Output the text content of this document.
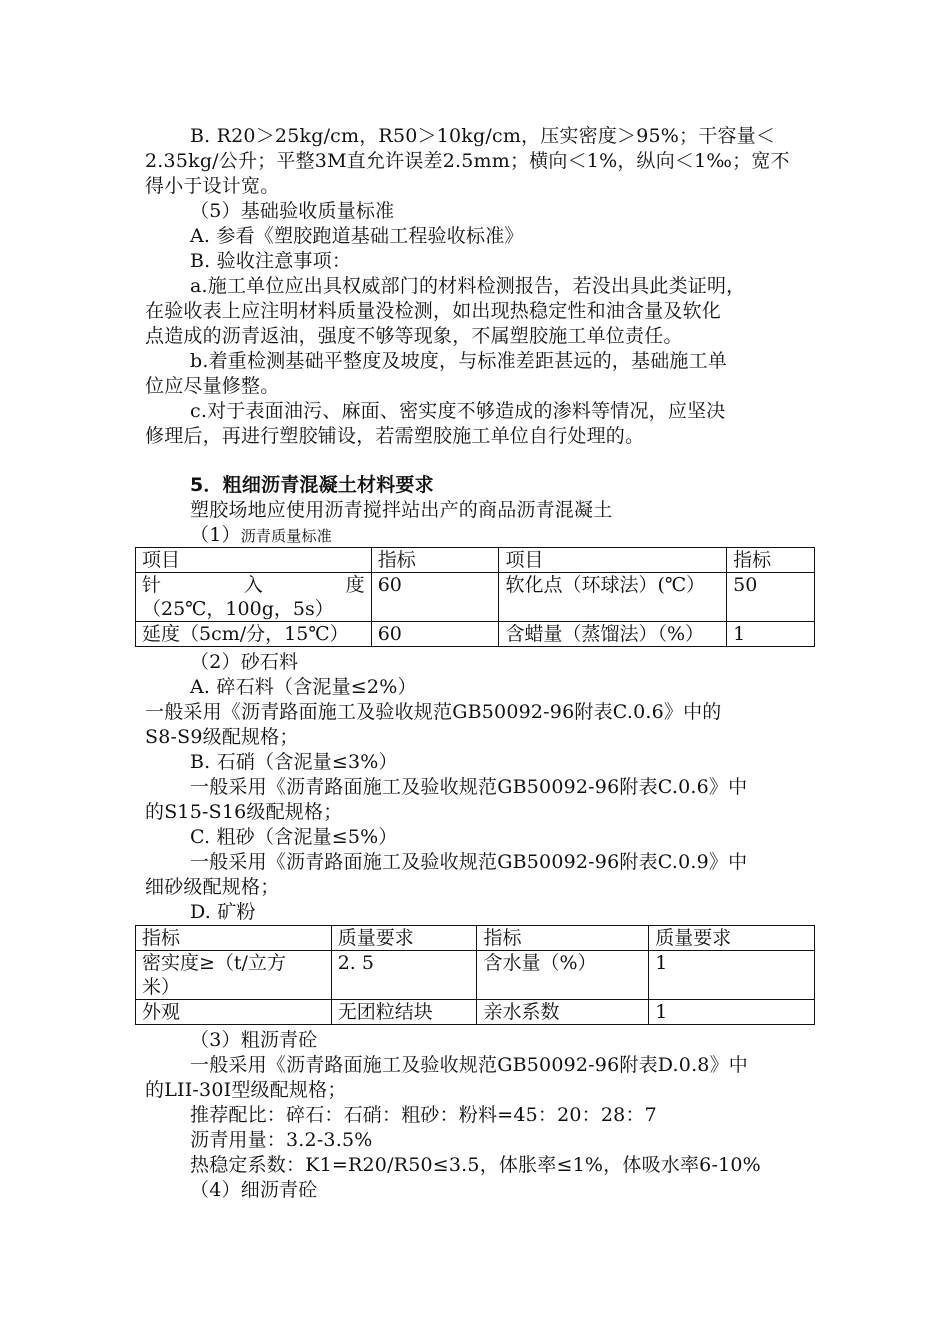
B. R20＞25kg/cm，R50＞10kg/cm，压实密度＞95%；干容量＜
2.35kg/公升；平整3M直允许误差2.5mm；横向＜1%，纵向＜1‰；宽不
得小于设计宽。
（5）基础验收质量标准
A. 参看《塑胶跑道基础工程验收标准》
B. 验收注意事项：
a.施工单位应出具权威部门的材料检测报告，若没出具此类证明，
在验收表上应注明材料质量没检测，如出现热稳定性和油含量及软化
点造成的沥青返油，强度不够等现象，不属塑胶施工单位责任。
b.着重检测基础平整度及坡度，与标准差距甚远的，基础施工单
位应尽量修整。
c.对于表面油污、麻面、密实度不够造成的渗料等情况，应坚决
修理后，再进行塑胶铺设，若需塑胶施工单位自行处理的。
5．粗细沥青混凝土材料要求
塑胶场地应使用沥青搅拌站出产的商品沥青混凝土
（1）沥青质量标准
项目	指标	项目	指标

针 入 度
（25℃，100g，5s）	60	软化点（环球法）(℃）	50
延度（5cm/分，15℃）	60	含蜡量（蒸馏法）（%）	1
（2）砂石料
A. 碎石料（含泥量≤2%）
一般采用《沥青路面施工及验收规范GB50092-96附表C.0.6》中的
S8-S9级配规格；
B. 石硝（含泥量≤3%）
一般采用《沥青路面施工及验收规范GB50092-96附表C.0.6》中
的S15-S16级配规格；
C. 粗砂（含泥量≤5%）
一般采用《沥青路面施工及验收规范GB50092-96附表C.0.9》中
细砂级配规格；
D. 矿粉
指标	质量要求	指标	质量要求

密实度≥（t/立方
米）	2. 5	含水量（%）	1
外观	无团粒结块	亲水系数	1
（3）粗沥青砼
一般采用《沥青路面施工及验收规范GB50092-96附表D.0.8》中
的LII-30I型级配规格；
推荐配比：碎石：石硝：粗砂：粉料=45：20：28：7
沥青用量：3.2-3.5%
热稳定系数：K1=R20/R50≤3.5，体胀率≤1%，体吸水率6-10%
（4）细沥青砼
